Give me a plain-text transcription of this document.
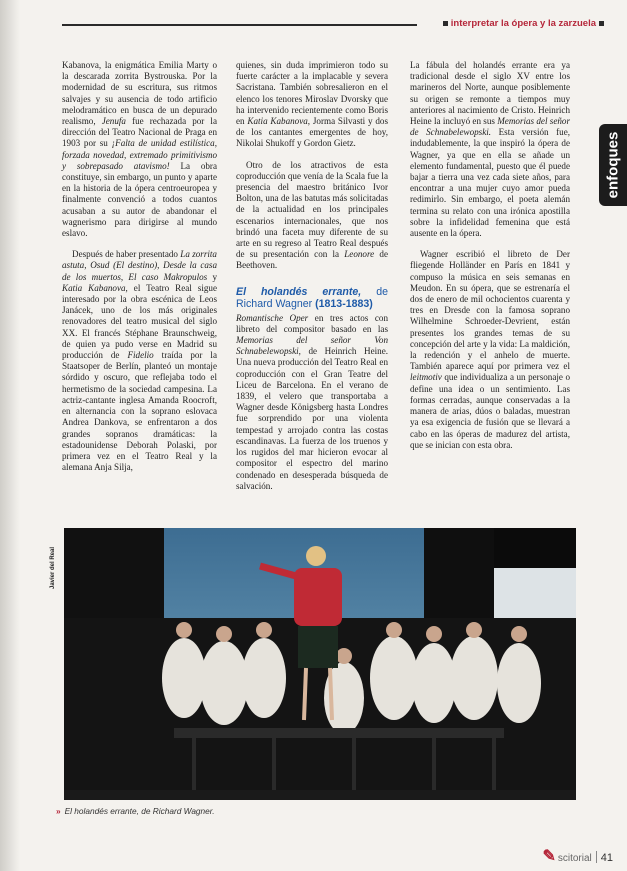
interpretar la ópera y la zarzuela
enfoques

Kabanova, la enigmática Emilia Marty o la descarada zorrita Bystrouska. Por la modernidad de su escritura, sus ritmos salvajes y su ausencia de todo artificio melodramático en busca de un depurado realismo, Jenufa fue rechazada por la dirección del Teatro Nacional de Praga en 1903 por su ¡Falta de unidad estilística, forzada novedad, extremado primitivismo y sobrepasado atavismo! La obra constituye, sin embargo, un punto y aparte en la historia de la ópera centroeuropea y finalmente convenció a todos cuantos acusaban a su autor de abandonar el wagnerismo para dirigirse al mundo eslavo.

Después de haber presentado La zorrita astuta, Osud (El destino), Desde la casa de los muertos, El caso Makropulos y Katia Kabanova, el Teatro Real sigue interesado por la obra escénica de Leos Janácek, uno de los más originales renovadores del teatro musical del siglo XX. El francés Stéphane Braunschweig, de quien ya pudo verse en Madrid su producción de Fidelio traída por la Staatsoper de Berlín, planteó un montaje sórdido y oscuro, que reflejaba todo el hermetismo de la sociedad campesina. La actriz-cantante inglesa Amanda Roocroft, en alternancia con la soprano eslovaca Andrea Dankova, se enfrentaron a dos grandes sopranos dramáticas: la estadounidense Deborah Polaski, por primera vez en el Teatro Real y la alemana Anja Silja,

quienes, sin duda imprimieron todo su fuerte carácter a la implacable y severa Sacristana. También sobresalieron en el elenco los tenores Miroslav Dvorsky que ha intervenido recientemente como Boris en Katia Kabanova, Jorma Silvasti y dos de los cantantes emergentes de hoy, Nikolai Shukoff y Gordon Gietz.

Otro de los atractivos de esta coproducción que venía de la Scala fue la presencia del maestro británico Ivor Bolton, una de las batutas más solicitadas de la actualidad en los principales escenarios internacionales, que nos brindó una faceta muy diferente de su arte en su regreso al Teatro Real después de su presentación con la Leonore de Beethoven.

El holandés errante, de Richard Wagner (1813-1883)

Romantische Oper en tres actos con libreto del compositor basado en las Memorias del señor Von Schnabelewopski, de Heinrich Heine. Una nueva producción del Teatro Real en coproducción con el Gran Teatre del Liceu de Barcelona. En el verano de 1839, el velero que transportaba a Wagner desde Königsberg hasta Londres fue sorprendido por una violenta tempestad y arrojado contra las costas escandinavas. La fuerza de los truenos y los rugidos del mar hicieron evocar al compositor el espectro del marino condenado en desesperada búsqueda de salvación.

La fábula del holandés errante era ya tradicional desde el siglo XV entre los marineros del Norte, aunque posiblemente su origen se remonte a tiempos muy anteriores al nacimiento de Cristo. Heinrich Heine la incluyó en sus Memorias del señor de Schnabelewopski. Esta versión fue, indudablemente, la que inspiró la ópera de Wagner, ya que en ella se añade un elemento fundamental, puesto que él puede bajar a tierra una vez cada siete años, para encontrar a una mujer cuyo amor pueda redimirlo. Sin embargo, el poeta alemán termina su relato con una irónica apostilla sobre la infidelidad femenina que está ausente en la ópera.

Wagner escribió el libreto de Der fliegende Holländer en París en 1841 y compuso la música en seis semanas en Meudon. En su ópera, que se estrenaría el dos de enero de mil ochocientos cuarenta y tres en Dresde con la famosa soprano Wilhelmine Schroeder-Devrient, están presentes los grandes temas de su concepción del arte y la vida: La maldición, la redención y el anhelo de muerte. También aparece aquí por primera vez el leitmotiv que individualiza a un personaje o define una idea o un sentimiento. Las formas cerradas, aunque conservadas a la manera de arias, dúos o baladas, muestran ya esa exigencia de fusión que se llevará a cabo en las óperas de madurez del artista, que se inician con esta obra.

Javier del Real
» El holandés errante, de Richard Wagner.
✎ scitorial 41
